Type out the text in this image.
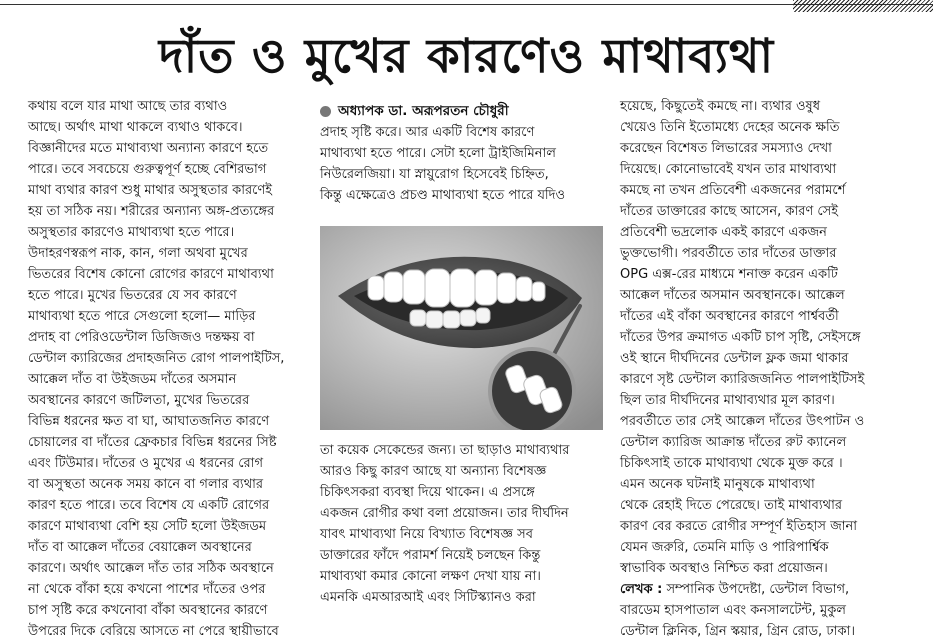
দাঁত ও মুখের কারণেও মাথাব্যথা

কথায় বলে যার মাথা আছে তার ব্যথাও

আছে। অর্থাৎ মাথা থাকলে ব্যথাও থাকবে।

বিজ্ঞানীদের মতে মাথাব্যথা অন্যান্য কারণে হতে

পারে। তবে সবচেয়ে গুরুত্বপূর্ণ হচ্ছে বেশিরভাগ

মাথা ব্যথার কারণ শুধু মাথার অসুস্থতার কারণেই

হয় তা সঠিক নয়। শরীরের অন্যান্য অঙ্গ-প্রত্যঙ্গের

অসুস্থতার কারণেও মাথাব্যথা হতে পারে।

উদাহরণস্বরূপ নাক, কান, গলা অথবা মুখের

ভিতরের বিশেষ কোনো রোগের কারণে মাথাব্যথা

হতে পারে। মুখের ভিতরের যে সব কারণে

মাথাব্যথা হতে পারে সেগুলো হলো— মাড়ির

প্রদাহ বা পেরিওডেন্টাল ডিজিজও দন্তক্ষয় বা

ডেন্টাল ক্যারিজের প্রদাহজনিত রোগ পালপাইটিস,

আক্কেল দাঁত বা উইজডম দাঁতের অসমান

অবস্থানের কারণে জটিলতা, মুখের ভিতরের

বিভিন্ন ধরনের ক্ষত বা ঘা, আঘাতজনিত কারণে

চোয়ালের বা দাঁতের ফ্রেকচার বিভিন্ন ধরনের সিষ্ট

এবং টিউমার। দাঁতের ও মুখের এ ধরনের রোগ

বা অসুস্থতা অনেক সময় কানে বা গলার ব্যথার

কারণ হতে পারে। তবে বিশেষ যে একটি রোগের

কারণে মাথাব্যথা বেশি হয় সেটি হলো উইজডম

দাঁত বা আক্কেল দাঁতের বেয়াক্কেল অবস্থানের

কারণে। অর্থাৎ আক্কেল দাঁত তার সঠিক অবস্থানে

না থেকে বাঁকা হয়ে কখনো পাশের দাঁতের ওপর

চাপ সৃষ্টি করে কখনোবা বাঁকা অবস্থানের কারণে

উপরের দিকে বেরিয়ে আসতে না পেরে স্থায়ীভাবে

অধ্যাপক ডা. অরূপরতন চৌধুরী

প্রদাহ সৃষ্টি করে। আর একটি বিশেষ কারণে

মাথাব্যথা হতে পারে। সেটা হলো ট্রাইজিমিনাল

নিউরেলজিয়া। যা স্নায়ুরোগ হিসেবেই চিহ্নিত,

কিন্তু এক্ষেত্রেও প্রচণ্ড মাথাব্যথা হতে পারে যদিও

তা কয়েক সেকেন্ডের জন্য। তা ছাড়াও মাথাব্যথার

আরও কিছু কারণ আছে যা অন্যান্য বিশেষজ্ঞ

চিকিৎসকরা ব্যবস্থা দিয়ে থাকেন। এ প্রসঙ্গে

একজন রোগীর কথা বলা প্রয়োজন। তার দীর্ঘদিন

যাবৎ মাথাব্যথা নিয়ে বিখ্যাত বিশেষজ্ঞ সব

ডাক্তারের ফাঁদে পরামর্শ নিয়েই চলছেন কিন্তু

মাথাব্যথা কমার কোনো লক্ষণ দেখা যায় না।

এমনকি এমআরআই এবং সিটিস্ক্যানও করা

হয়েছে, কিছুতেই কমছে না। ব্যথার ওষুধ

খেয়েও তিনি ইতোমধ্যে দেহের অনেক ক্ষতি

করেছেন বিশেষত লিভারের সমস্যাও দেখা

দিয়েছে। কোনোভাবেই যখন তার মাথাব্যথা

কমছে না তখন প্রতিবেশী একজনের পরামর্শে

দাঁতের ডাক্তারের কাছে আসেন, কারণ সেই

প্রতিবেশী ভদ্রলোক একই কারণে একজন

ভুক্তভোগী। পরবর্তীতে তার দাঁতের ডাক্তার

OPG এক্স-রের মাধ্যমে শনাক্ত করেন একটি

আক্কেল দাঁতের অসমান অবস্থানকে। আক্কেল

দাঁতের এই বাঁকা অবস্থানের কারণে পার্শ্ববর্তী

দাঁতের উপর ক্রমাগত একটি চাপ সৃষ্টি, সেইসঙ্গে

ওই স্থানে দীর্ঘদিনের ডেন্টাল ফ্লক জমা থাকার

কারণে সৃষ্ট ডেন্টাল ক্যারিজজনিত পালপাইটিসই

ছিল তার দীর্ঘদিনের মাথাব্যথার মূল কারণ।

পরবর্তীতে তার সেই আক্কেল দাঁতের উৎপাটন ও

ডেন্টাল ক্যারিজ আক্রান্ত দাঁতের রুট ক্যানেল

চিকিৎসাই তাকে মাথাব্যথা থেকে মুক্ত করে ।

এমন অনেক ঘটনাই মানুষকে মাথাব্যথা

থেকে রেহাই দিতে পেরেছে। তাই মাথাব্যথার

কারণ বের করতে রোগীর সম্পূর্ণ ইতিহাস জানা

যেমন জরুরি, তেমনি মাড়ি ও পারিপার্শ্বিক

স্বাভাবিক অবস্থাও নিশ্চিত করা প্রয়োজন।

লেখক : সম্পানিক উপদেষ্টা, ডেন্টাল বিভাগ,

বারডেম হাসপাতাল এবং কনসালটেন্ট, মুকুল

ডেন্টাল ক্লিনিক, গ্রিন স্কয়ার, গ্রিন রোড, ঢাকা।
